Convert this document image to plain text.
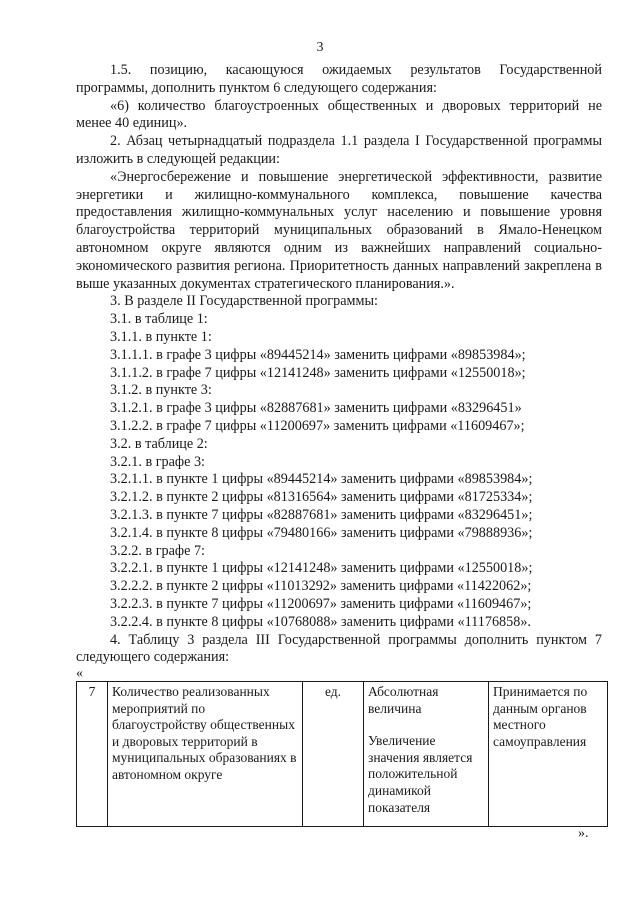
3

1.5. позицию, касающуюся ожидаемых результатов Государственной программы, дополнить пунктом 6 следующего содержания:

«6) количество благоустроенных общественных и дворовых территорий не менее 40 единиц».

2. Абзац четырнадцатый подраздела 1.1 раздела I Государственной программы изложить в следующей редакции:

«Энергосбережение и повышение энергетической эффективности, развитие энергетики и жилищно-коммунального комплекса, повышение качества предоставления жилищно-коммунальных услуг населению и повышение уровня благоустройства территорий муниципальных образований в Ямало-Ненецком автономном округе являются одним из важнейших направлений социально-экономического развития региона. Приоритетность данных направлений закреплена в выше указанных документах стратегического планирования.».

3. В разделе II Государственной программы:

3.1. в таблице 1:

3.1.1. в пункте 1:

3.1.1.1. в графе 3 цифры «89445214» заменить цифрами «89853984»;

3.1.1.2. в графе 7 цифры «12141248» заменить цифрами «12550018»;

3.1.2. в пункте 3:

3.1.2.1. в графе 3 цифры «82887681» заменить цифрами «83296451»

3.1.2.2. в графе 7 цифры «11200697» заменить цифрами «11609467»;

3.2. в таблице 2:

3.2.1. в графе 3:

3.2.1.1. в пункте 1 цифры «89445214» заменить цифрами «89853984»;

3.2.1.2. в пункте 2 цифры «81316564» заменить цифрами «81725334»;

3.2.1.3. в пункте 7 цифры «82887681» заменить цифрами «83296451»;

3.2.1.4. в пункте 8 цифры «79480166» заменить цифрами «79888936»;

3.2.2. в графе 7:

3.2.2.1. в пункте 1 цифры «12141248» заменить цифрами «12550018»;

3.2.2.2. в пункте 2 цифры «11013292» заменить цифрами «11422062»;

3.2.2.3. в пункте 7 цифры «11200697» заменить цифрами «11609467»;

3.2.2.4. в пункте 8 цифры «10768088» заменить цифрами «11176858».

4. Таблицу 3 раздела III Государственной программы дополнить пунктом 7 следующего содержания:

«

7	Количество реализованных мероприятий по благоустройству общественных и дворовых территорий в муниципальных образованиях в автономном округе	ед.	Абсолютная величина
Увеличение значения является положительной динамикой показателя
	Принимается по данным органов местного самоуправления
».
